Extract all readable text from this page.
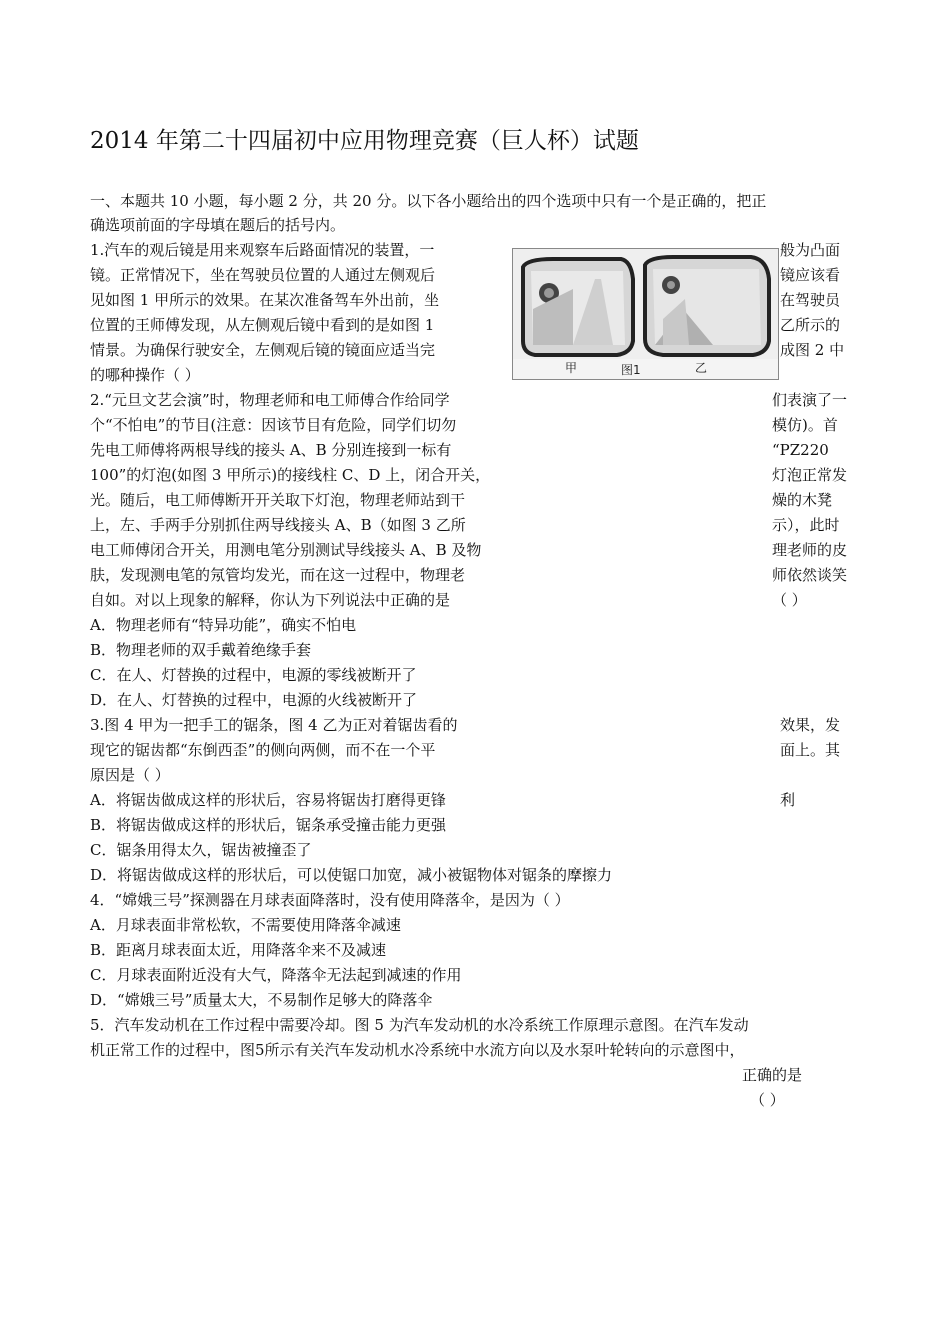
2014 年第二十四届初中应用物理竞赛（巨人杯）试题
一、本题共 10 小题，每小题 2 分，共 20 分。以下各小题给出的四个选项中只有一个是正确的，把正
确选项前面的字母填在题后的括号内。
1.汽车的观后镜是用来观察车后路面情况的装置，一
镜。正常情况下，坐在驾驶员位置的人通过左侧观后
见如图 1 甲所示的效果。在某次准备驾车外出前，坐
位置的王师傅发现，从左侧观后镜中看到的是如图 1
情景。为确保行驶安全，左侧观后镜的镜面应适当完
的哪种操作（ ）
般为凸面
镜应该看
在驾驶员
乙所示的
成图 2 中
甲	图1	乙
2.“元旦文艺会演”时，物理老师和电工师傅合作给同学
个“不怕电”的节目(注意：因该节目有危险，同学们切勿
先电工师傅将两根导线的接头 A、B 分别连接到一标有
100”的灯泡(如图 3 甲所示)的接线柱 C、D 上，闭合开关，
光。随后，电工师傅断开开关取下灯泡，物理老师站到干
上，左、手两手分别抓住两导线接头 A、B（如图 3 乙所
电工师傅闭合开关，用测电笔分别测试导线接头 A、B 及物
肤，发现测电笔的氖管均发光，而在这一过程中，物理老
自如。对以上现象的解释，你认为下列说法中正确的是
们表演了一
模仿)。首
“PZ220
灯泡正常发
燥的木凳
示），此时
理老师的皮
师依然谈笑
（ ）
A．物理老师有“特异功能”，确实不怕电
B．物理老师的双手戴着绝缘手套
C．在人、灯替换的过程中，电源的零线被断开了
D．在人、灯替换的过程中，电源的火线被断开了
3.图 4 甲为一把手工的锯条，图 4 乙为正对着锯齿看的
现它的锯齿都“东倒西歪”的侧向两侧，而不在一个平
原因是（ ）
效果，发
面上。其
A．将锯齿做成这样的形状后，容易将锯齿打磨得更锋	利
B．将锯齿做成这样的形状后，锯条承受撞击能力更强
C．锯条用得太久，锯齿被撞歪了
D．将锯齿做成这样的形状后，可以使锯口加宽，减小被锯物体对锯条的摩擦力
4．“嫦娥三号”探测器在月球表面降落时，没有使用降落伞，是因为（ ）
A．月球表面非常松软，不需要使用降落伞减速
B．距离月球表面太近，用降落伞来不及减速
C．月球表面附近没有大气，降落伞无法起到减速的作用
D．“嫦娥三号”质量太大，不易制作足够大的降落伞
5．汽车发动机在工作过程中需要冷却。图 5 为汽车发动机的水冷系统工作原理示意图。在汽车发动
机正常工作的过程中，图5所示有关汽车发动机水冷系统中水流方向以及水泵叶轮转向的示意图中，
正确的是
（ ）
